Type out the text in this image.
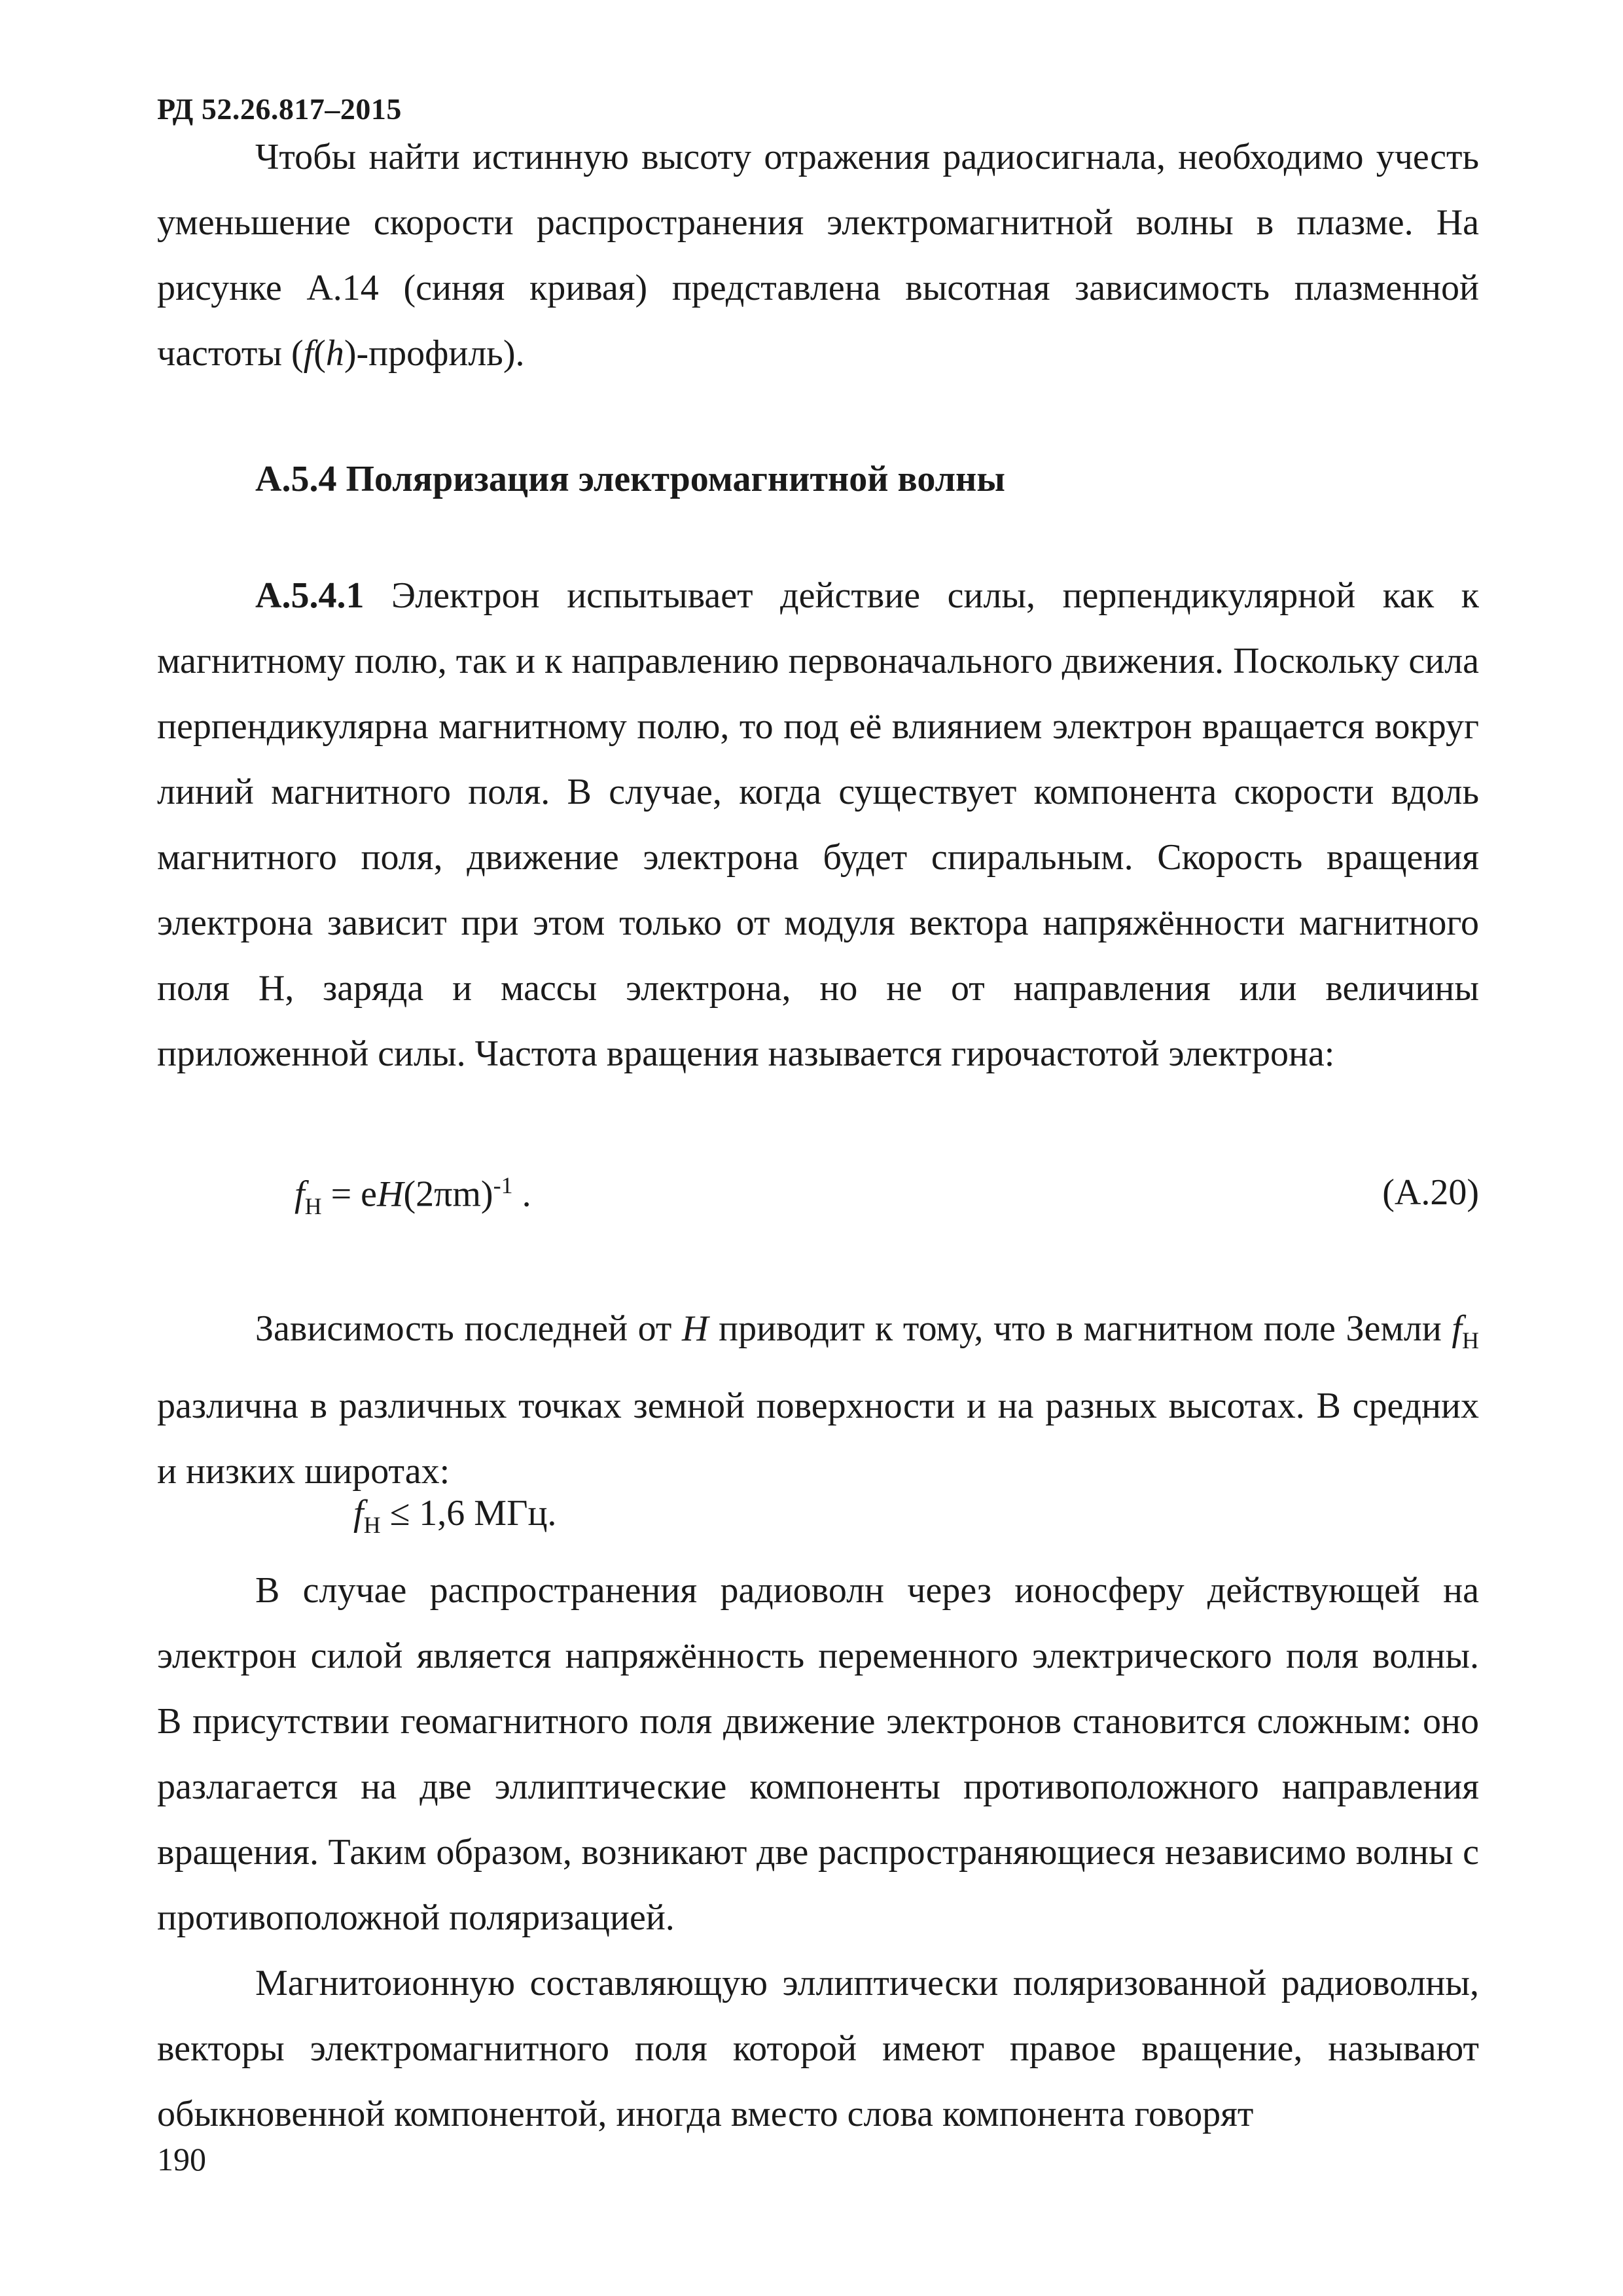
РД 52.26.817–2015

Чтобы найти истинную высоту отражения радиосигнала, необходимо учесть уменьшение скорости распространения электромагнитной волны в плазме. На рисунке А.14 (синяя кривая) представлена высотная зависимость плазменной частоты (f(h)-профиль).

А.5.4 Поляризация электромагнитной волны

А.5.4.1 Электрон испытывает действие силы, перпендикулярной как к магнитному полю, так и к направлению первоначального движения. Поскольку сила перпендикулярна магнитному полю, то под её влиянием электрон вращается вокруг линий магнитного поля. В случае, когда существует компонента скорости вдоль магнитного поля, движение электрона будет спиральным. Скорость вращения электрона зависит при этом только от модуля вектора напряжённости магнитного поля Н, заряда и массы электрона, но не от направления или величины приложенной силы. Частота вращения называется гирочастотой электрона:

$f_H = eH(2\pi m)^{-1}$ .	(А.20)

Зависимость последней от H приводит к тому, что в магнитном поле Земли $f_H$ различна в различных точках земной поверхности и на разных высотах. В средних и низких широтах:

$f_H \le 1,6$ МГц.

В случае распространения радиоволн через ионосферу действующей на электрон силой является напряжённость переменного электрического поля волны. В присутствии геомагнитного поля движение электронов становится сложным: оно разлагается на две эллиптические компоненты противоположного направления вращения. Таким образом, возникают две распространяющиеся независимо волны с противоположной поляризацией.

Магнитоионную составляющую эллиптически поляризованной радиоволны, векторы электромагнитного поля которой имеют правое вращение, называют обыкновенной компонентой, иногда вместо слова компонента говорят

190
